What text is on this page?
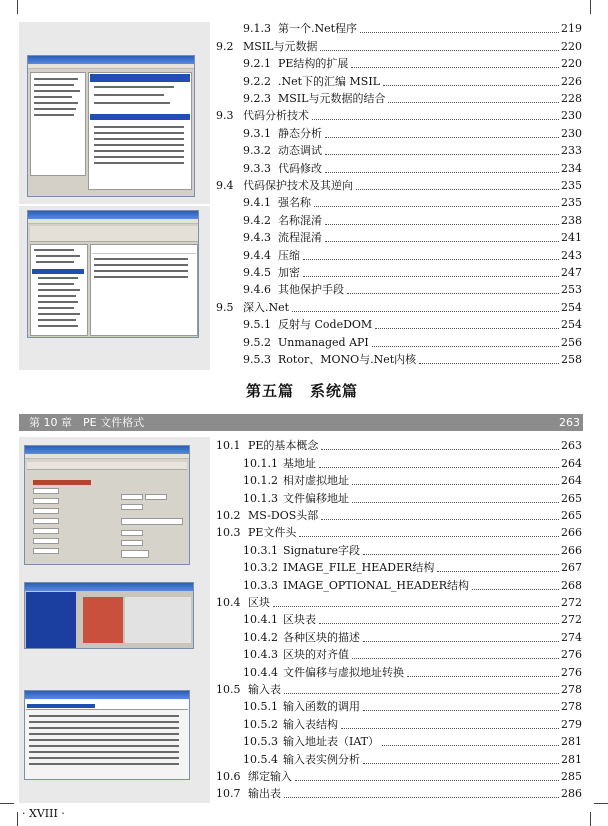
9.1.3 第一个.Net程序	219
9.2 MSIL与元数据	220
9.2.1 PE结构的扩展	220
9.2.2 .Net下的汇编 MSIL	226
9.2.3 MSIL与元数据的结合	228
9.3 代码分析技术	230
9.3.1 静态分析	230
9.3.2 动态调试	233
9.3.3 代码修改	234
9.4 代码保护技术及其逆向	235
9.4.1 强名称	235
9.4.2 名称混淆	238
9.4.3 流程混淆	241
9.4.4 压缩	243
9.4.5 加密	247
9.4.6 其他保护手段	253
9.5 深入.Net	254
9.5.1 反射与 CodeDOM	254
9.5.2 Unmanaged API	256
9.5.3 Rotor、MONO与.Net内核	258
第五篇　系统篇
第 10 章　PE 文件格式	263
10.1 PE的基本概念	263
10.1.1 基地址	264
10.1.2 相对虚拟地址	264
10.1.3 文件偏移地址	265
10.2 MS-DOS头部	265
10.3 PE文件头	266
10.3.1 Signature字段	266
10.3.2 IMAGE_FILE_HEADER结构	267
10.3.3 IMAGE_OPTIONAL_HEADER结构	268
10.4 区块	272
10.4.1 区块表	272
10.4.2 各种区块的描述	274
10.4.3 区块的对齐值	276
10.4.4 文件偏移与虚拟地址转换	276
10.5 输入表	278
10.5.1 输入函数的调用	278
10.5.2 输入表结构	279
10.5.3 输入地址表（IAT）	281
10.5.4 输入表实例分析	281
10.6 绑定输入	285
10.7 输出表	286
· XVIII ·
